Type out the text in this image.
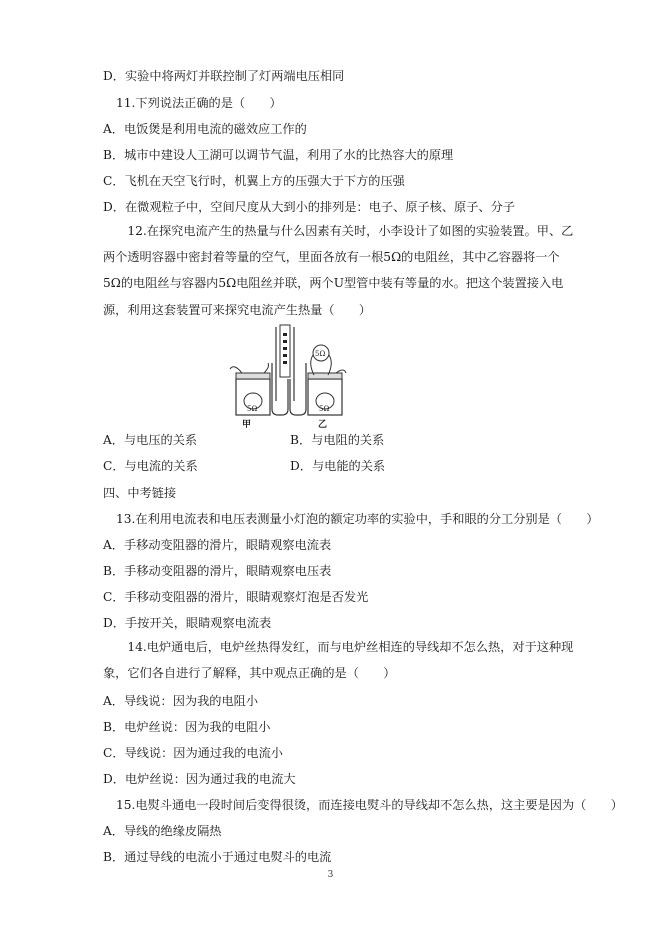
D．实验中将两灯并联控制了灯两端电压相同
11.下列说法正确的是（　　）
A．电饭煲是利用电流的磁效应工作的
B．城市中建设人工湖可以调节气温，利用了水的比热容大的原理
C．飞机在天空飞行时，机翼上方的压强大于下方的压强
D．在微观粒子中，空间尺度从大到小的排列是：电子、原子核、原子、分子
12.在探究电流产生的热量与什么因素有关时，小李设计了如图的实验装置。甲、乙两个透明容器中密封着等量的空气，里面各放有一根5Ω的电阻丝，其中乙容器将一个5Ω的电阻丝与容器内5Ω电阻丝并联，两个U型管中装有等量的水。把这个装置接入电源，利用这套装置可来探究电流产生热量（　　）
5Ω	5Ω
5Ω
甲	乙
A．与电压的关系	B．与电阻的关系
C．与电流的关系	D．与电能的关系
四、中考链接
13.在利用电流表和电压表测量小灯泡的额定功率的实验中，手和眼的分工分别是（　　）
A．手移动变阻器的滑片，眼睛观察电流表
B．手移动变阻器的滑片，眼睛观察电压表
C．手移动变阻器的滑片，眼睛观察灯泡是否发光
D．手按开关，眼睛观察电流表
14.电炉通电后，电炉丝热得发红，而与电炉丝相连的导线却不怎么热，对于这种现象，它们各自进行了解释，其中观点正确的是（　　）
A．导线说：因为我的电阻小
B．电炉丝说：因为我的电阻小
C．导线说：因为通过我的电流小
D．电炉丝说：因为通过我的电流大
15.电熨斗通电一段时间后变得很烫，而连接电熨斗的导线却不怎么热，这主要是因为（　　）
A．导线的绝缘皮隔热
B．通过导线的电流小于通过电熨斗的电流
3
